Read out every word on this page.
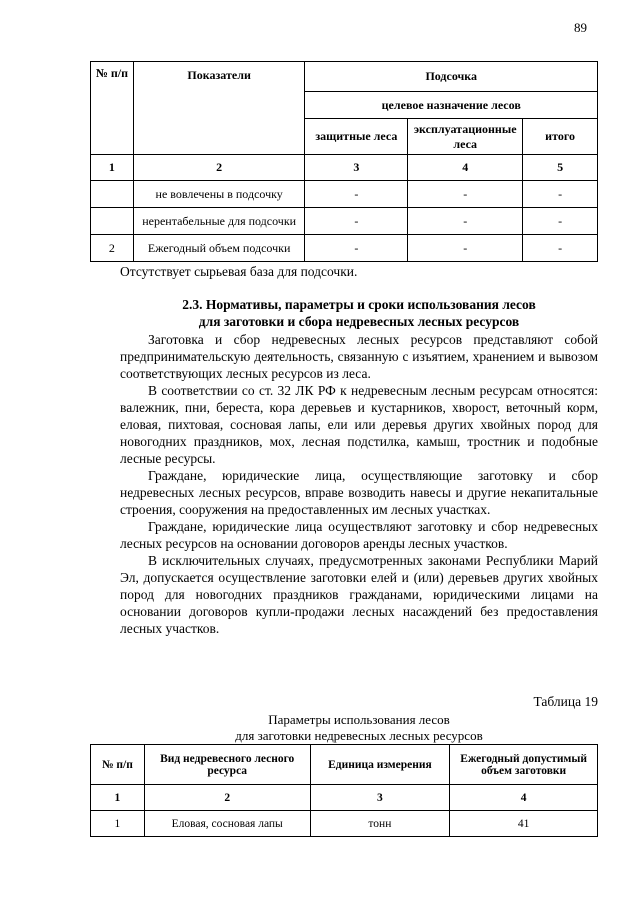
89
№ п/п	Показатели	Подсочка		
		целевое назначение лесов		
		защитные леса	эксплуатационные леса	итого
1	2	3	4	5
	не вовлечены в подсочку	-	-	-
	нерентабельные для подсочки	-	-	-
2	Ежегодный объем подсочки	-	-	-
Отсутствует сырьевая база для подсочки.
2.3. Нормативы, параметры и сроки использования лесов
для заготовки и сбора недревесных лесных ресурсов

Заготовка и сбор недревесных лесных ресурсов представляют собой предпринимательскую деятельность, связанную с изъятием, хранением и вывозом соответствующих лесных ресурсов из леса.

В соответствии со ст. 32 ЛК РФ к недревесным лесным ресурсам относятся: валежник, пни, береста, кора деревьев и кустарников, хворост, веточный корм, еловая, пихтовая, сосновая лапы, ели или деревья других хвойных пород для новогодних праздников, мох, лесная подстилка, камыш, тростник и подобные лесные ресурсы.

Граждане, юридические лица, осуществляющие заготовку и сбор недревесных лесных ресурсов, вправе возводить навесы и другие некапитальные строения, сооружения на предоставленных им лесных участках.

Граждане, юридические лица осуществляют заготовку и сбор недревесных лесных ресурсов на основании договоров аренды лесных участков.

В исключительных случаях, предусмотренных законами Республики Марий Эл, допускается осуществление заготовки елей и (или) деревьев других хвойных пород для новогодних праздников гражданами, юридическими лицами на основании договоров купли-продажи лесных насаждений без предоставления лесных участков.

Таблица 19
Параметры использования лесов
для заготовки недревесных лесных ресурсов
№ п/п	Вид недревесного лесного ресурса	Единица измерения	Ежегодный допустимый объем заготовки
1	2	3	4
1	Еловая, сосновая лапы	тонн	41
